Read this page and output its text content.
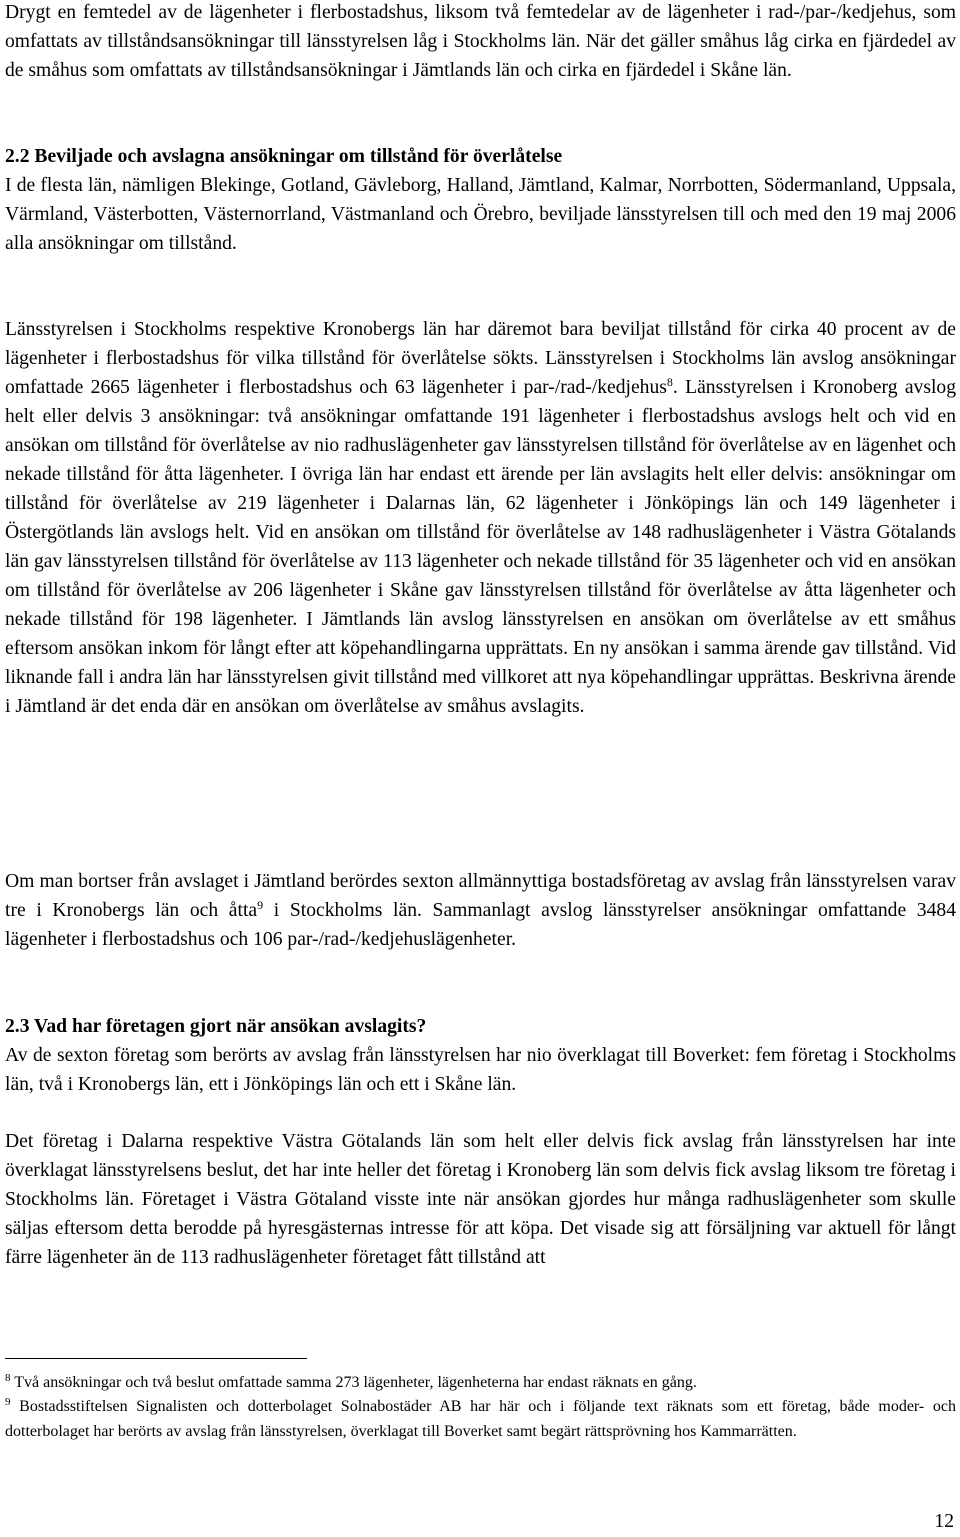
Drygt en femtedel av de lägenheter i flerbostadshus, liksom två femtedelar av de lägenheter i rad-/par-/kedjehus, som omfattats av tillståndsansökningar till länsstyrelsen låg i Stockholms län. När det gäller småhus låg cirka en fjärdedel av de småhus som omfattats av tillståndsansökningar i Jämtlands län och cirka en fjärdedel i Skåne län.

2.2 Beviljade och avslagna ansökningar om tillstånd för överlåtelse

I de flesta län, nämligen Blekinge, Gotland, Gävleborg, Halland, Jämtland, Kalmar, Norrbotten, Södermanland, Uppsala, Värmland, Västerbotten, Västernorrland, Västmanland och Örebro, beviljade länsstyrelsen till och med den 19 maj 2006 alla ansökningar om tillstånd.

Länsstyrelsen i Stockholms respektive Kronobergs län har däremot bara beviljat tillstånd för cirka 40 procent av de lägenheter i flerbostadshus för vilka tillstånd för överlåtelse sökts. Länsstyrelsen i Stockholms län avslog ansökningar omfattade 2665 lägenheter i flerbostadshus och 63 lägenheter i par-/rad-/kedjehus$^8$. Länsstyrelsen i Kronoberg avslog helt eller delvis 3 ansökningar: två ansökningar omfattande 191 lägenheter i flerbostadshus avslogs helt och vid en ansökan om tillstånd för överlåtelse av nio radhuslägenheter gav länsstyrelsen tillstånd för överlåtelse av en lägenhet och nekade tillstånd för åtta lägenheter. I övriga län har endast ett ärende per län avslagits helt eller delvis: ansökningar om tillstånd för överlåtelse av 219 lägenheter i Dalarnas län, 62 lägenheter i Jönköpings län och 149 lägenheter i Östergötlands län avslogs helt. Vid en ansökan om tillstånd för överlåtelse av 148 radhuslägenheter i Västra Götalands län gav länsstyrelsen tillstånd för överlåtelse av 113 lägenheter och nekade tillstånd för 35 lägenheter och vid en ansökan om tillstånd för överlåtelse av 206 lägenheter i Skåne gav länsstyrelsen tillstånd för överlåtelse av åtta lägenheter och nekade tillstånd för 198 lägenheter. I Jämtlands län avslog länsstyrelsen en ansökan om överlåtelse av ett småhus eftersom ansökan inkom för långt efter att köpehandlingarna upprättats. En ny ansökan i samma ärende gav tillstånd. Vid liknande fall i andra län har länsstyrelsen givit tillstånd med villkoret att nya köpehandlingar upprättas. Beskrivna ärende i Jämtland är det enda där en ansökan om överlåtelse av småhus avslagits.

Om man bortser från avslaget i Jämtland berördes sexton allmännyttiga bostadsföretag av avslag från länsstyrelsen varav tre i Kronobergs län och åtta$^9$ i Stockholms län. Sammanlagt avslog länsstyrelser ansökningar omfattande 3484 lägenheter i flerbostadshus och 106 par-/rad-/kedjehuslägenheter.

2.3 Vad har företagen gjort när ansökan avslagits?

Av de sexton företag som berörts av avslag från länsstyrelsen har nio överklagat till Boverket: fem företag i Stockholms län, två i Kronobergs län, ett i Jönköpings län och ett i Skåne län.

Det företag i Dalarna respektive Västra Götalands län som helt eller delvis fick avslag från länsstyrelsen har inte överklagat länsstyrelsens beslut, det har inte heller det företag i Kronoberg län som delvis fick avslag liksom tre företag i Stockholms län. Företaget i Västra Götaland visste inte när ansökan gjordes hur många radhuslägenheter som skulle säljas eftersom detta berodde på hyresgästernas intresse för att köpa. Det visade sig att försäljning var aktuell för långt färre lägenheter än de 113 radhuslägenheter företaget fått tillstånd att

$^8$ Två ansökningar och två beslut omfattade samma 273 lägenheter, lägenheterna har endast räknats en gång.

$^9$ Bostadsstiftelsen Signalisten och dotterbolaget Solnabostäder AB har här och i följande text räknats som ett företag, både moder- och dotterbolaget har berörts av avslag från länsstyrelsen, överklagat till Boverket samt begärt rättsprövning hos Kammarrätten.

12
